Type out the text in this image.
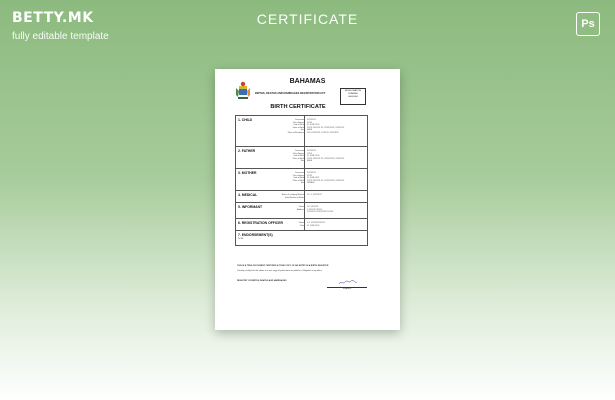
BETTY.MK
fully editable template
CERTIFICATE	Ps
BAHAMAS
BIRTHS, DEATHS AND MARRIAGES REGISTRATION ACT
BIRTH CERTIFICATE
REGISTRATION
NUMBER
00000000
1. CHILD	Forename XXXXXXX
Other Names XXXX
Date of Birth 01 JUNE 2020
Place of Birth XXXX XXXXXX XX, XXXXXXXX, XXXXXXX
Sex MALE
Place of Residence XXX XXXXXXX, XXXXXX, XXXXXXX
2. FATHER	Forename XXXXXXX
Other Names XXXX
Date of Birth 01 JUNE 1990
Place of Birth XXXX XXXXXX XX, XXXXXXXX, XXXXXXX
Sex MALE
3. MOTHER	Forename XXXXXXX
Other Names XXXX
Date of Birth 01 JUNE 1991
Place of Birth XXXX XXXXXX XX, XXXXXXXX, XXXXXXX
Sex FEMALE
4. MEDICAL	Name of certifying Medical XX. X. XXXXXXX
Initial Number of Births
5. INFORMANT	Name XX. XXXXXX
Address X XXXXX XXXXX,
XXXXXXX XXXXXXXXX XXXX
6. REGISTRATION OFFICER	Name X.X. XXXXXXXXXXX
Date 01 JUNE 2020
7. ENDORSEMENT(S)
NONE
THIS IS A TRUE DOCUMENT CERTIFIED A TRUE COPY OF AN ENTRY IN A BIRTH REGISTER
I hereby certify that the above is a true copy of particulars recorded in a Register in my office.
REGISTRY OF BIRTHS DEATHS AND MARRIAGES
Registrar
